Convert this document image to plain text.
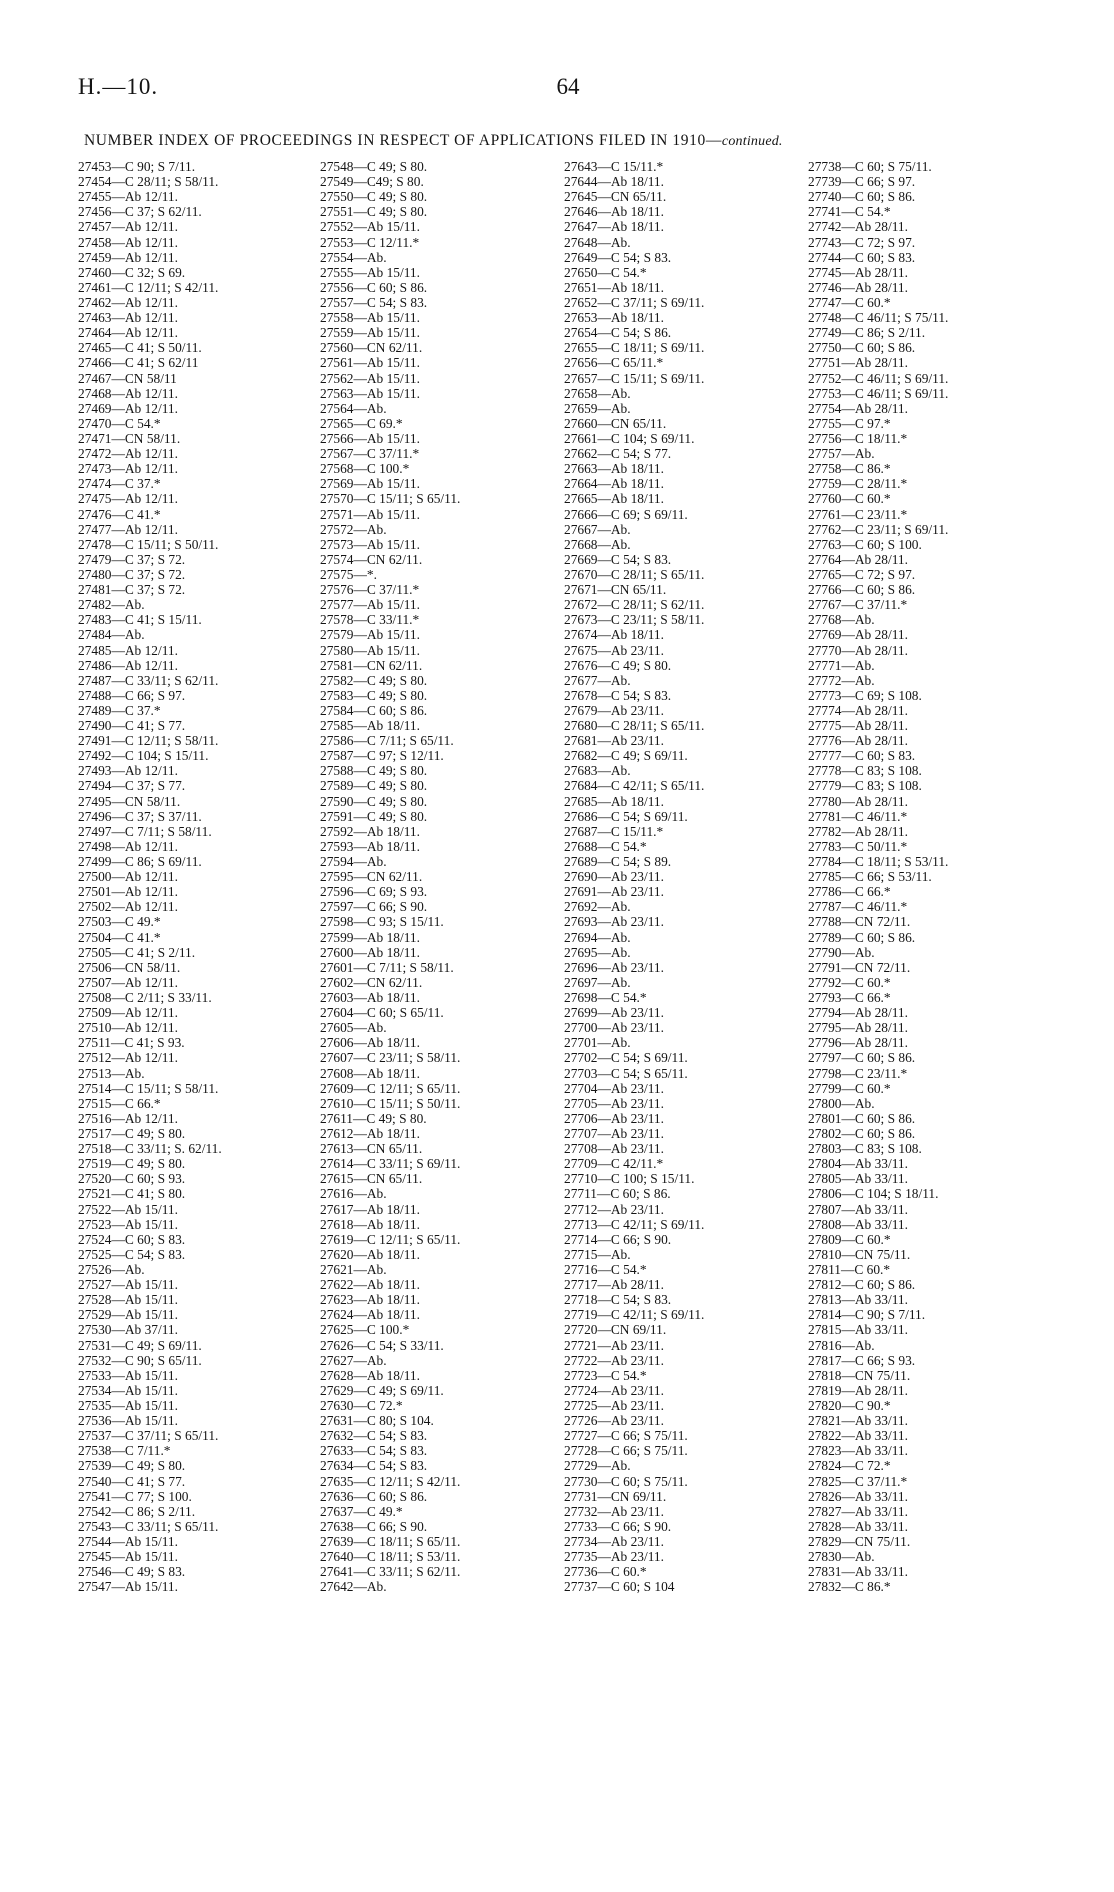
H.—10.	64
NUMBER INDEX OF PROCEEDINGS IN RESPECT OF APPLICATIONS FILED IN 1910—continued.
27453—C 90; S 7/11.
27454—C 28/11; S 58/11.
27455—Ab 12/11.
27456—C 37; S 62/11.
27457—Ab 12/11.
27458—Ab 12/11.
27459—Ab 12/11.
27460—C 32; S 69.
27461—C 12/11; S 42/11.
27462—Ab 12/11.
27463—Ab 12/11.
27464—Ab 12/11.
27465—C 41; S 50/11.
27466—C 41; S 62/11
27467—CN 58/11
27468—Ab 12/11.
27469—Ab 12/11.
27470—C 54.*
27471—CN 58/11.
27472—Ab 12/11.
27473—Ab 12/11.
27474—C 37.*
27475—Ab 12/11.
27476—C 41.*
27477—Ab 12/11.
27478—C 15/11; S 50/11.
27479—C 37; S 72.
27480—C 37; S 72.
27481—C 37; S 72.
27482—Ab.
27483—C 41; S 15/11.
27484—Ab.
27485—Ab 12/11.
27486—Ab 12/11.
27487—C 33/11; S 62/11.
27488—C 66; S 97.
27489—C 37.*
27490—C 41; S 77.
27491—C 12/11; S 58/11.
27492—C 104; S 15/11.
27493—Ab 12/11.
27494—C 37; S 77.
27495—CN 58/11.
27496—C 37; S 37/11.
27497—C 7/11; S 58/11.
27498—Ab 12/11.
27499—C 86; S 69/11.
27500—Ab 12/11.
27501—Ab 12/11.
27502—Ab 12/11.
27503—C 49.*
27504—C 41.*
27505—C 41; S 2/11.
27506—CN 58/11.
27507—Ab 12/11.
27508—C 2/11; S 33/11.
27509—Ab 12/11.
27510—Ab 12/11.
27511—C 41; S 93.
27512—Ab 12/11.
27513—Ab.
27514—C 15/11; S 58/11.
27515—C 66.*
27516—Ab 12/11.
27517—C 49; S 80.
27518—C 33/11; S. 62/11.
27519—C 49; S 80.
27520—C 60; S 93.
27521—C 41; S 80.
27522—Ab 15/11.
27523—Ab 15/11.
27524—C 60; S 83.
27525—C 54; S 83.
27526—Ab.
27527—Ab 15/11.
27528—Ab 15/11.
27529—Ab 15/11.
27530—Ab 37/11.
27531—C 49; S 69/11.
27532—C 90; S 65/11.
27533—Ab 15/11.
27534—Ab 15/11.
27535—Ab 15/11.
27536—Ab 15/11.
27537—C 37/11; S 65/11.
27538—C 7/11.*
27539—C 49; S 80.
27540—C 41; S 77.
27541—C 77; S 100.
27542—C 86; S 2/11.
27543—C 33/11; S 65/11.
27544—Ab 15/11.
27545—Ab 15/11.
27546—C 49; S 83.
27547—Ab 15/11.
27548—C 49; S 80.
27549—C49; S 80.
27550—C 49; S 80.
27551—C 49; S 80.
27552—Ab 15/11.
27553—C 12/11.*
27554—Ab.
27555—Ab 15/11.
27556—C 60; S 86.
27557—C 54; S 83.
27558—Ab 15/11.
27559—Ab 15/11.
27560—CN 62/11.
27561—Ab 15/11.
27562—Ab 15/11.
27563—Ab 15/11.
27564—Ab.
27565—C 69.*
27566—Ab 15/11.
27567—C 37/11.*
27568—C 100.*
27569—Ab 15/11.
27570—C 15/11; S 65/11.
27571—Ab 15/11.
27572—Ab.
27573—Ab 15/11.
27574—CN 62/11.
27575—*.
27576—C 37/11.*
27577—Ab 15/11.
27578—C 33/11.*
27579—Ab 15/11.
27580—Ab 15/11.
27581—CN 62/11.
27582—C 49; S 80.
27583—C 49; S 80.
27584—C 60; S 86.
27585—Ab 18/11.
27586—C 7/11; S 65/11.
27587—C 97; S 12/11.
27588—C 49; S 80.
27589—C 49; S 80.
27590—C 49; S 80.
27591—C 49; S 80.
27592—Ab 18/11.
27593—Ab 18/11.
27594—Ab.
27595—CN 62/11.
27596—C 69; S 93.
27597—C 66; S 90.
27598—C 93; S 15/11.
27599—Ab 18/11.
27600—Ab 18/11.
27601—C 7/11; S 58/11.
27602—CN 62/11.
27603—Ab 18/11.
27604—C 60; S 65/11.
27605—Ab.
27606—Ab 18/11.
27607—C 23/11; S 58/11.
27608—Ab 18/11.
27609—C 12/11; S 65/11.
27610—C 15/11; S 50/11.
27611—C 49; S 80.
27612—Ab 18/11.
27613—CN 65/11.
27614—C 33/11; S 69/11.
27615—CN 65/11.
27616—Ab.
27617—Ab 18/11.
27618—Ab 18/11.
27619—C 12/11; S 65/11.
27620—Ab 18/11.
27621—Ab.
27622—Ab 18/11.
27623—Ab 18/11.
27624—Ab 18/11.
27625—C 100.*
27626—C 54; S 33/11.
27627—Ab.
27628—Ab 18/11.
27629—C 49; S 69/11.
27630—C 72.*
27631—C 80; S 104.
27632—C 54; S 83.
27633—C 54; S 83.
27634—C 54; S 83.
27635—C 12/11; S 42/11.
27636—C 60; S 86.
27637—C 49.*
27638—C 66; S 90.
27639—C 18/11; S 65/11.
27640—C 18/11; S 53/11.
27641—C 33/11; S 62/11.
27642—Ab.
27643—C 15/11.*
27644—Ab 18/11.
27645—CN 65/11.
27646—Ab 18/11.
27647—Ab 18/11.
27648—Ab.
27649—C 54; S 83.
27650—C 54.*
27651—Ab 18/11.
27652—C 37/11; S 69/11.
27653—Ab 18/11.
27654—C 54; S 86.
27655—C 18/11; S 69/11.
27656—C 65/11.*
27657—C 15/11; S 69/11.
27658—Ab.
27659—Ab.
27660—CN 65/11.
27661—C 104; S 69/11.
27662—C 54; S 77.
27663—Ab 18/11.
27664—Ab 18/11.
27665—Ab 18/11.
27666—C 69; S 69/11.
27667—Ab.
27668—Ab.
27669—C 54; S 83.
27670—C 28/11; S 65/11.
27671—CN 65/11.
27672—C 28/11; S 62/11.
27673—C 23/11; S 58/11.
27674—Ab 18/11.
27675—Ab 23/11.
27676—C 49; S 80.
27677—Ab.
27678—C 54; S 83.
27679—Ab 23/11.
27680—C 28/11; S 65/11.
27681—Ab 23/11.
27682—C 49; S 69/11.
27683—Ab.
27684—C 42/11; S 65/11.
27685—Ab 18/11.
27686—C 54; S 69/11.
27687—C 15/11.*
27688—C 54.*
27689—C 54; S 89.
27690—Ab 23/11.
27691—Ab 23/11.
27692—Ab.
27693—Ab 23/11.
27694—Ab.
27695—Ab.
27696—Ab 23/11.
27697—Ab.
27698—C 54.*
27699—Ab 23/11.
27700—Ab 23/11.
27701—Ab.
27702—C 54; S 69/11.
27703—C 54; S 65/11.
27704—Ab 23/11.
27705—Ab 23/11.
27706—Ab 23/11.
27707—Ab 23/11.
27708—Ab 23/11.
27709—C 42/11.*
27710—C 100; S 15/11.
27711—C 60; S 86.
27712—Ab 23/11.
27713—C 42/11; S 69/11.
27714—C 66; S 90.
27715—Ab.
27716—C 54.*
27717—Ab 28/11.
27718—C 54; S 83.
27719—C 42/11; S 69/11.
27720—CN 69/11.
27721—Ab 23/11.
27722—Ab 23/11.
27723—C 54.*
27724—Ab 23/11.
27725—Ab 23/11.
27726—Ab 23/11.
27727—C 66; S 75/11.
27728—C 66; S 75/11.
27729—Ab.
27730—C 60; S 75/11.
27731—CN 69/11.
27732—Ab 23/11.
27733—C 66; S 90.
27734—Ab 23/11.
27735—Ab 23/11.
27736—C 60.*
27737—C 60; S 104
27738—C 60; S 75/11.
27739—C 66; S 97.
27740—C 60; S 86.
27741—C 54.*
27742—Ab 28/11.
27743—C 72; S 97.
27744—C 60; S 83.
27745—Ab 28/11.
27746—Ab 28/11.
27747—C 60.*
27748—C 46/11; S 75/11.
27749—C 86; S 2/11.
27750—C 60; S 86.
27751—Ab 28/11.
27752—C 46/11; S 69/11.
27753—C 46/11; S 69/11.
27754—Ab 28/11.
27755—C 97.*
27756—C 18/11.*
27757—Ab.
27758—C 86.*
27759—C 28/11.*
27760—C 60.*
27761—C 23/11.*
27762—C 23/11; S 69/11.
27763—C 60; S 100.
27764—Ab 28/11.
27765—C 72; S 97.
27766—C 60; S 86.
27767—C 37/11.*
27768—Ab.
27769—Ab 28/11.
27770—Ab 28/11.
27771—Ab.
27772—Ab.
27773—C 69; S 108.
27774—Ab 28/11.
27775—Ab 28/11.
27776—Ab 28/11.
27777—C 60; S 83.
27778—C 83; S 108.
27779—C 83; S 108.
27780—Ab 28/11.
27781—C 46/11.*
27782—Ab 28/11.
27783—C 50/11.*
27784—C 18/11; S 53/11.
27785—C 66; S 53/11.
27786—C 66.*
27787—C 46/11.*
27788—CN 72/11.
27789—C 60; S 86.
27790—Ab.
27791—CN 72/11.
27792—C 60.*
27793—C 66.*
27794—Ab 28/11.
27795—Ab 28/11.
27796—Ab 28/11.
27797—C 60; S 86.
27798—C 23/11.*
27799—C 60.*
27800—Ab.
27801—C 60; S 86.
27802—C 60; S 86.
27803—C 83; S 108.
27804—Ab 33/11.
27805—Ab 33/11.
27806—C 104; S 18/11.
27807—Ab 33/11.
27808—Ab 33/11.
27809—C 60.*
27810—CN 75/11.
27811—C 60.*
27812—C 60; S 86.
27813—Ab 33/11.
27814—C 90; S 7/11.
27815—Ab 33/11.
27816—Ab.
27817—C 66; S 93.
27818—CN 75/11.
27819—Ab 28/11.
27820—C 90.*
27821—Ab 33/11.
27822—Ab 33/11.
27823—Ab 33/11.
27824—C 72.*
27825—C 37/11.*
27826—Ab 33/11.
27827—Ab 33/11.
27828—Ab 33/11.
27829—CN 75/11.
27830—Ab.
27831—Ab 33/11.
27832—C 86.*
